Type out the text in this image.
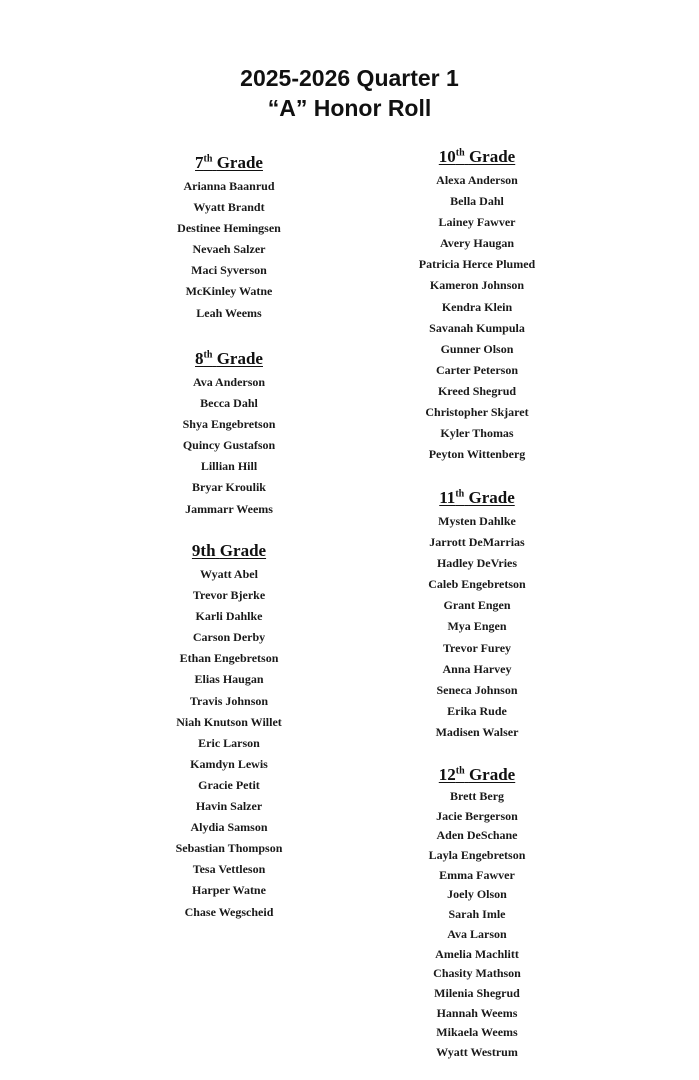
2025-2026 Quarter 1
“A” Honor Roll
7th Grade
Arianna Baanrud
Wyatt Brandt
Destinee Hemingsen
Nevaeh Salzer
Maci Syverson
McKinley Watne
Leah Weems
8th Grade
Ava Anderson
Becca Dahl
Shya Engebretson
Quincy Gustafson
Lillian Hill
Bryar Kroulik
Jammarr Weems
9th Grade
Wyatt Abel
Trevor Bjerke
Karli Dahlke
Carson Derby
Ethan Engebretson
Elias Haugan
Travis Johnson
Niah Knutson Willet
Eric Larson
Kamdyn Lewis
Gracie Petit
Havin Salzer
Alydia Samson
Sebastian Thompson
Tesa Vettleson
Harper Watne
Chase Wegscheid
10th Grade
Alexa Anderson
Bella Dahl
Lainey Fawver
Avery Haugan
Patricia Herce Plumed
Kameron Johnson
Kendra Klein
Savanah Kumpula
Gunner Olson
Carter Peterson
Kreed Shegrud
Christopher Skjaret
Kyler Thomas
Peyton Wittenberg
11th Grade
Mysten Dahlke
Jarrott DeMarrias
Hadley DeVries
Caleb Engebretson
Grant Engen
Mya Engen
Trevor Furey
Anna Harvey
Seneca Johnson
Erika Rude
Madisen Walser
12th Grade
Brett Berg
Jacie Bergerson
Aden DeSchane
Layla Engebretson
Emma Fawver
Joely Olson
Sarah Imle
Ava Larson
Amelia Machlitt
Chasity Mathson
Milenia Shegrud
Hannah Weems
Mikaela Weems
Wyatt Westrum
